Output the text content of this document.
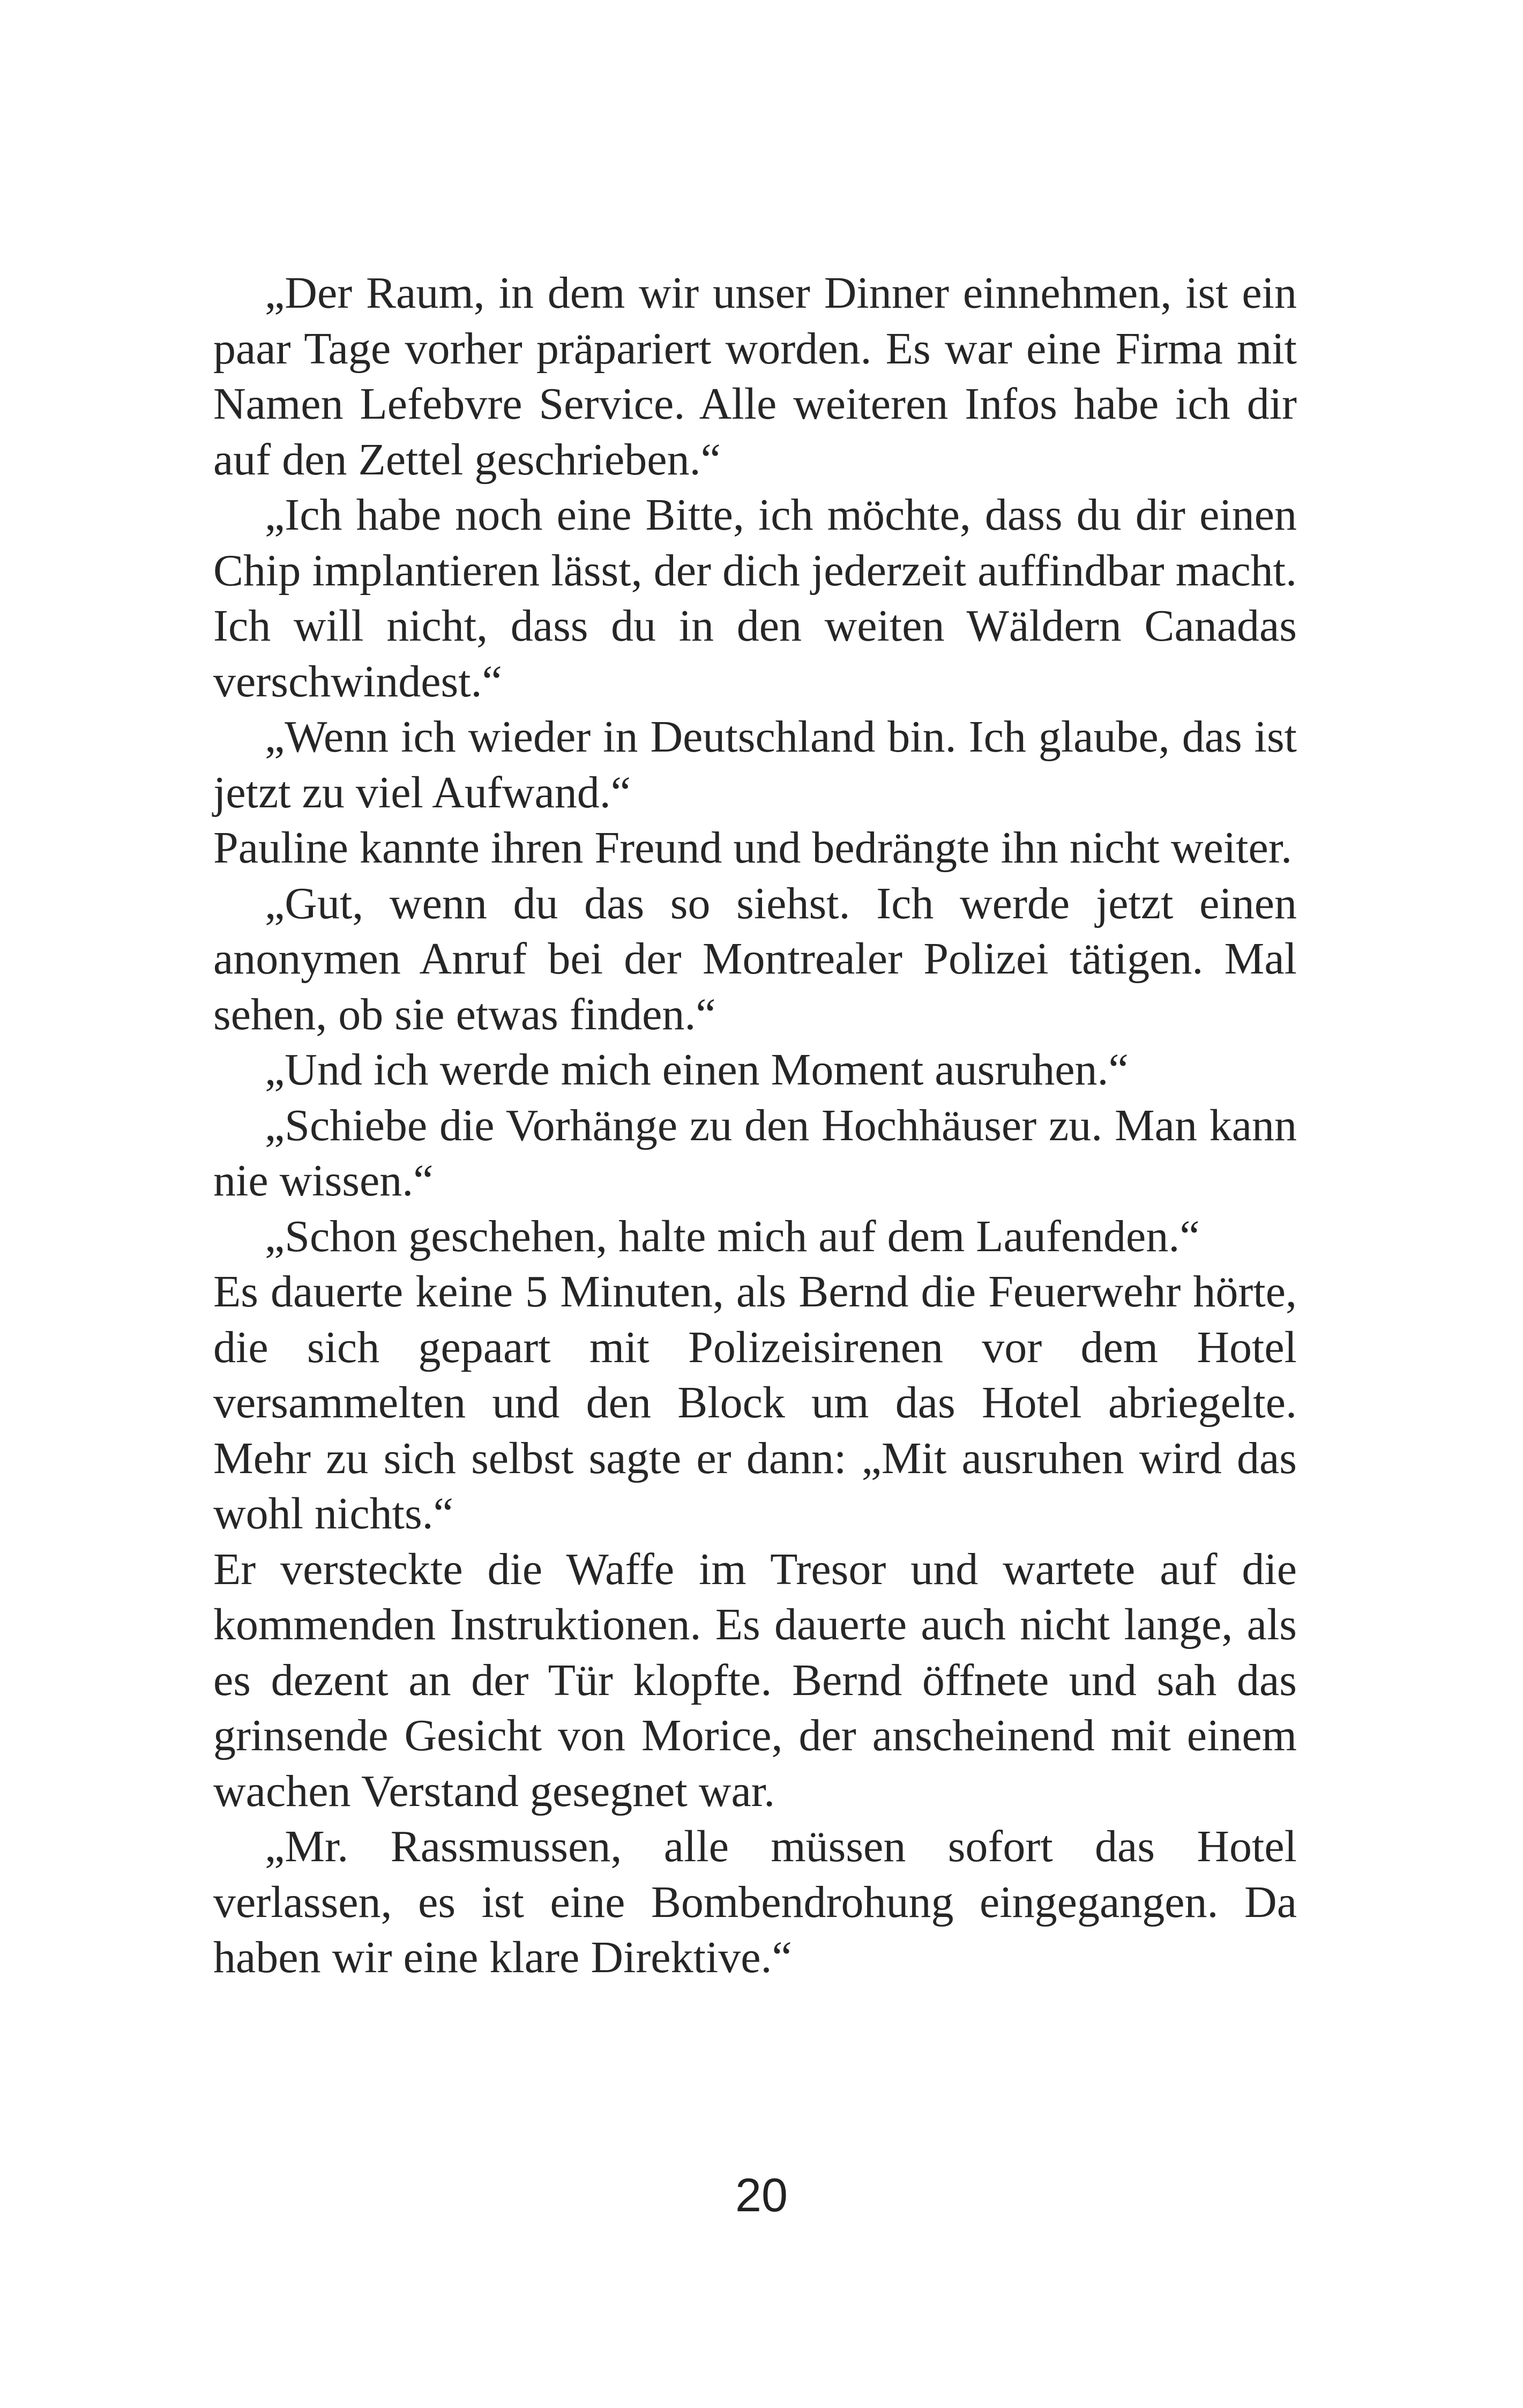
„Der Raum, in dem wir unser Dinner einnehmen, ist ein paar Tage vorher präpariert worden. Es war eine Firma mit Namen Lefebvre Service. Alle weiteren Infos habe ich dir auf den Zettel geschrieben.“

„Ich habe noch eine Bitte, ich möchte, dass du dir einen Chip implantieren lässt, der dich jederzeit auffindbar macht. Ich will nicht, dass du in den weiten Wäldern Canadas verschwindest.“

„Wenn ich wieder in Deutschland bin. Ich glaube, das ist jetzt zu viel Aufwand.“

Pauline kannte ihren Freund und bedrängte ihn nicht weiter.

„Gut, wenn du das so siehst. Ich werde jetzt einen anonymen Anruf bei der Montrealer Polizei tätigen. Mal sehen, ob sie etwas finden.“

„Und ich werde mich einen Moment ausruhen.“

„Schiebe die Vorhänge zu den Hochhäuser zu. Man kann nie wissen.“

„Schon geschehen, halte mich auf dem Laufenden.“

Es dauerte keine 5 Minuten, als Bernd die Feuerwehr hörte, die sich gepaart mit Polizeisirenen vor dem Hotel versammelten und den Block um das Hotel abriegelte. Mehr zu sich selbst sagte er dann: „Mit ausruhen wird das wohl nichts.“

Er versteckte die Waffe im Tresor und wartete auf die kommenden Instruktionen. Es dauerte auch nicht lange, als es dezent an der Tür klopfte. Bernd öffnete und sah das grinsende Gesicht von Morice, der anscheinend mit einem wachen Verstand gesegnet war.

„Mr. Rassmussen, alle müssen sofort das Hotel verlassen, es ist eine Bombendrohung eingegangen. Da haben wir eine klare Direktive.“

20
